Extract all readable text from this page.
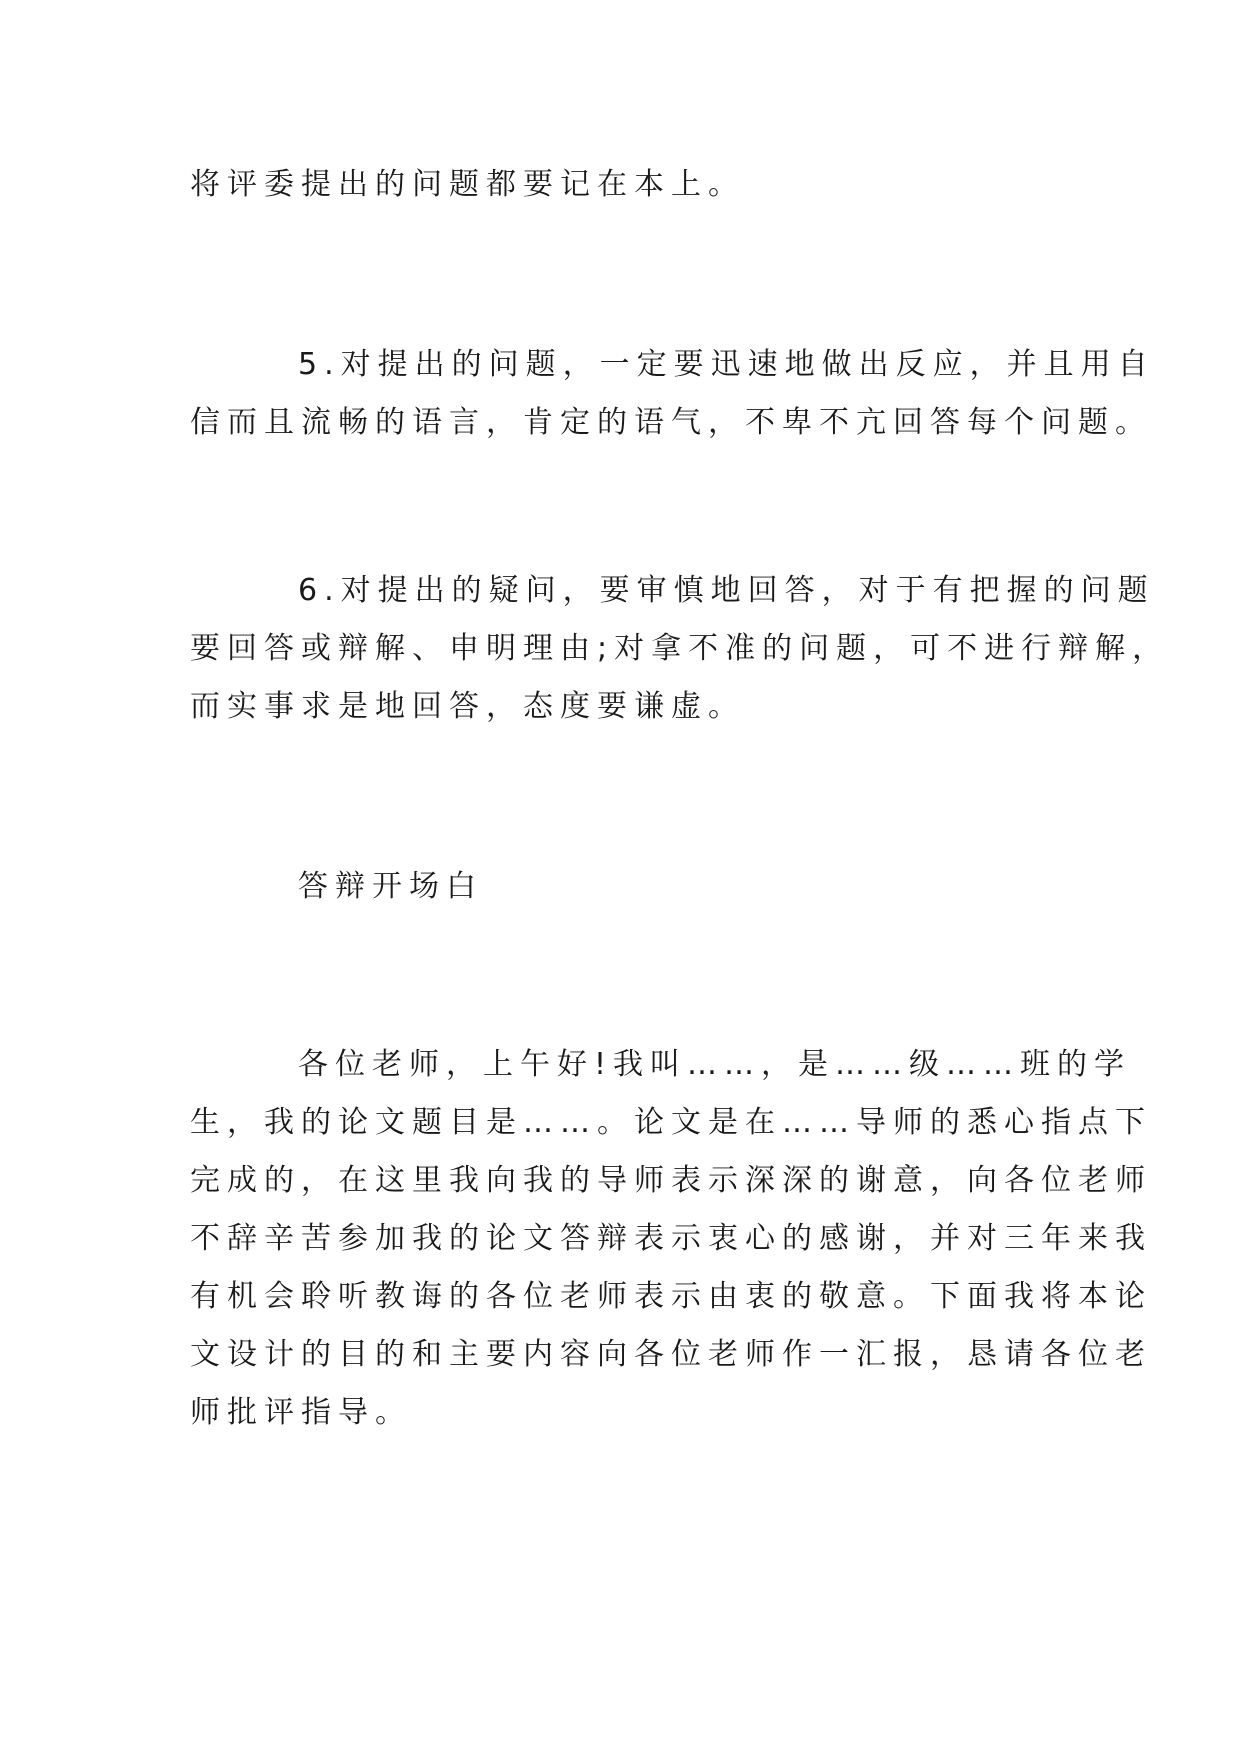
将评委提出的问题都要记在本上。

5.对提出的问题，一定要迅速地做出反应，并且用自

信而且流畅的语言，肯定的语气，不卑不亢回答每个问题。

6.对提出的疑问，要审慎地回答，对于有把握的问题

要回答或辩解、申明理由;对拿不准的问题，可不进行辩解，

而实事求是地回答，态度要谦虚。

答辩开场白

各位老师，上午好!我叫……，是……级……班的学

生，我的论文题目是……。论文是在……导师的悉心指点下

完成的，在这里我向我的导师表示深深的谢意，向各位老师

不辞辛苦参加我的论文答辩表示衷心的感谢，并对三年来我

有机会聆听教诲的各位老师表示由衷的敬意。下面我将本论

文设计的目的和主要内容向各位老师作一汇报，恳请各位老

师批评指导。
